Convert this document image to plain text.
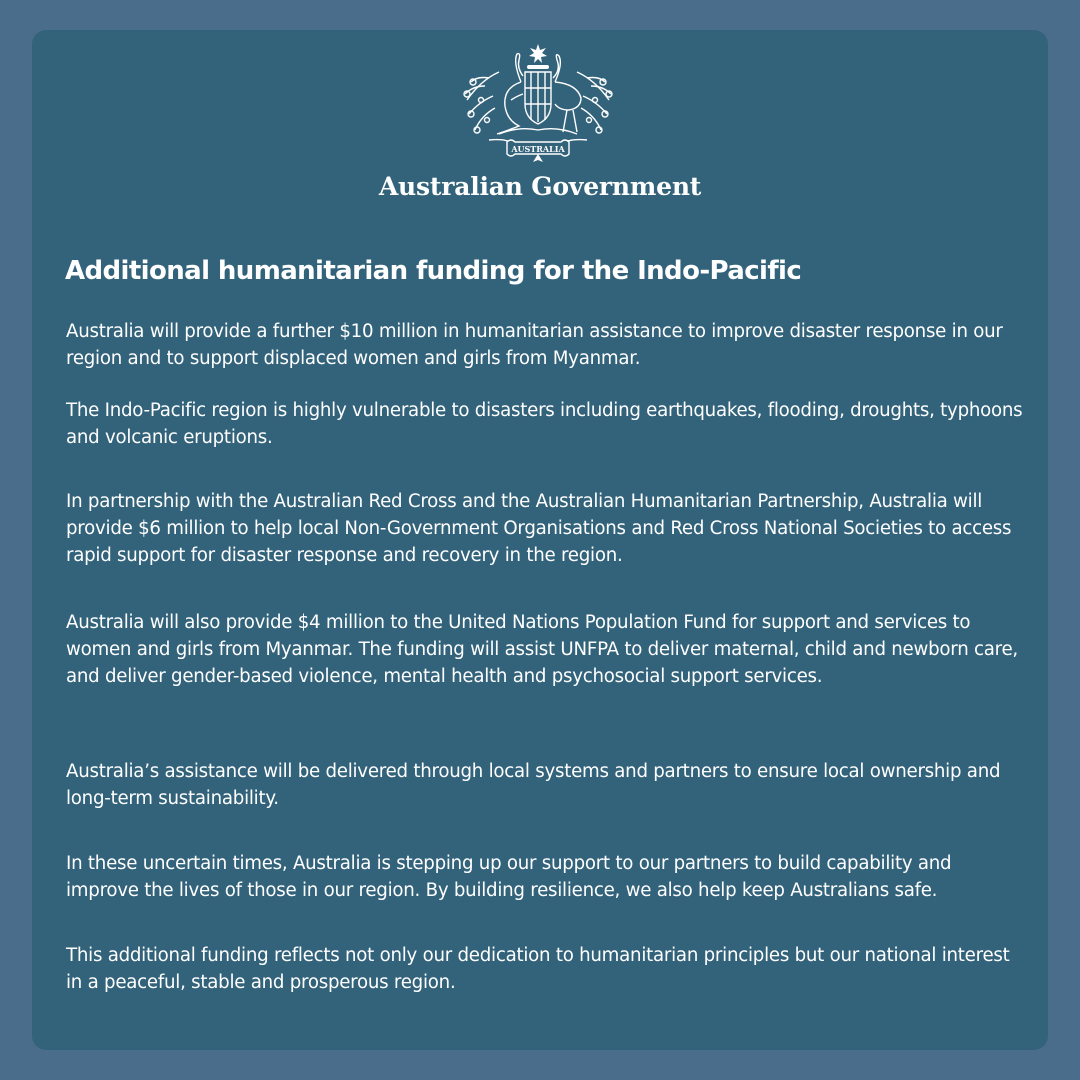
AUSTRALIA
Australian Government
Additional humanitarian funding for the Indo-Pacific

Australia will provide a further $10 million in humanitarian assistance to improve disaster response in our region and to support displaced women and girls from Myanmar.

The Indo-Pacific region is highly vulnerable to disasters including earthquakes, flooding, droughts, typhoons and volcanic eruptions.

In partnership with the Australian Red Cross and the Australian Humanitarian Partnership, Australia will provide $6 million to help local Non-Government Organisations and Red Cross National Societies to access rapid support for disaster response and recovery in the region.

Australia will also provide $4 million to the United Nations Population Fund for support and services to women and girls from Myanmar. The funding will assist UNFPA to deliver maternal, child and newborn care, and deliver gender-based violence, mental health and psychosocial support services.

Australia’s assistance will be delivered through local systems and partners to ensure local ownership and long-term sustainability.

In these uncertain times, Australia is stepping up our support to our partners to build capability and improve the lives of those in our region. By building resilience, we also help keep Australians safe.

This additional funding reflects not only our dedication to humanitarian principles but our national interest in a peaceful, stable and prosperous region.
